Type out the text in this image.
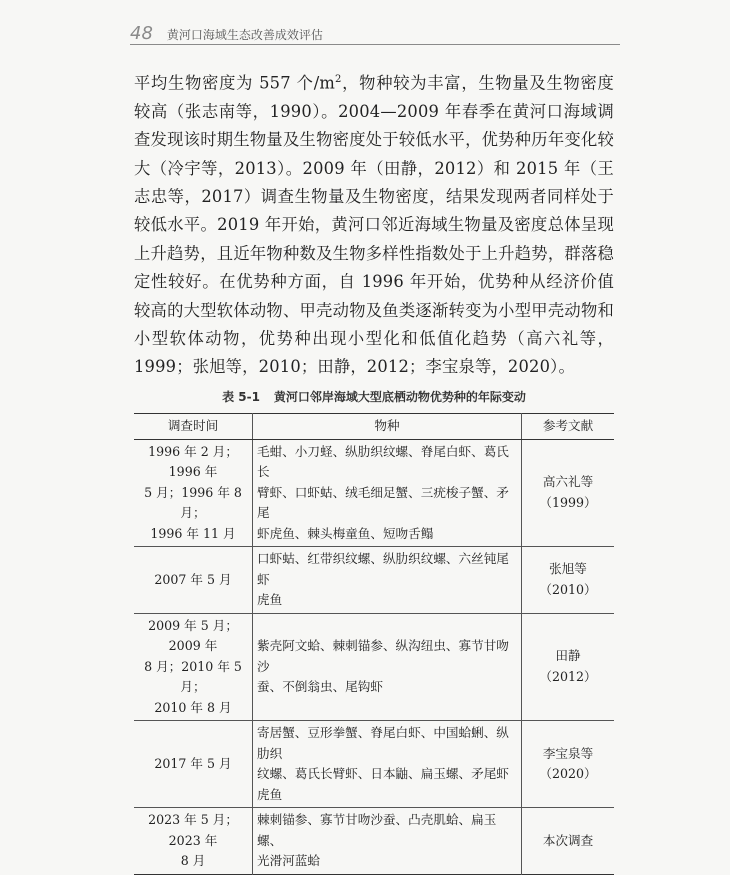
48 黄河口海域生态改善成效评估

平均生物密度为 557 个$/m^2$，物种较为丰富，生物量及生物密度较高（张志南等，1990）。2004—2009 年春季在黄河口海域调查发现该时期生物量及生物密度处于较低水平，优势种历年变化较大（冷宇等，2013）。2009 年（田静，2012）和 2015 年（王志忠等，2017）调查生物量及生物密度，结果发现两者同样处于较低水平。2019 年开始，黄河口邻近海域生物量及密度总体呈现上升趋势，且近年物种数及生物多样性指数处于上升趋势，群落稳定性较好。在优势种方面，自 1996 年开始，优势种从经济价值较高的大型软体动物、甲壳动物及鱼类逐渐转变为小型甲壳动物和小型软体动物，优势种出现小型化和低值化趋势（高六礼等，1999；张旭等，2010；田静，2012；李宝泉等，2020）。

表 5-1 黄河口邻岸海域大型底栖动物优势种的年际变动
调查时间	物种	参考文献

1996 年 2 月；1996 年
5 月；1996 年 8 月；
1996 年 11 月	毛蚶、小刀蛏、纵肋织纹螺、脊尾白虾、葛氏长
臂虾、口虾蛄、绒毛细足蟹、三疣梭子蟹、矛尾
虾虎鱼、棘头梅童鱼、短吻舌鳎	高六礼等
（1999）

2007 年 5 月	口虾蛄、红带织纹螺、纵肋织纹螺、六丝钝尾虾
虎鱼	张旭等
（2010）

2009 年 5 月；2009 年
8 月；2010 年 5 月；
2010 年 8 月	紫壳阿文蛤、棘刺锚参、纵沟纽虫、寡节甘吻沙
蚕、不倒翁虫、尾钩虾	田静
（2012）

2017 年 5 月	寄居蟹、豆形拳蟹、脊尾白虾、中国蛤蜊、纵肋织
纹螺、葛氏长臂虾、日本鼬、扁玉螺、矛尾虾虎鱼	李宝泉等
（2020）

2023 年 5 月；2023 年
8 月	棘刺锚参、寡节甘吻沙蚕、凸壳肌蛤、扁玉螺、
光滑河蓝蛤	本次调查
